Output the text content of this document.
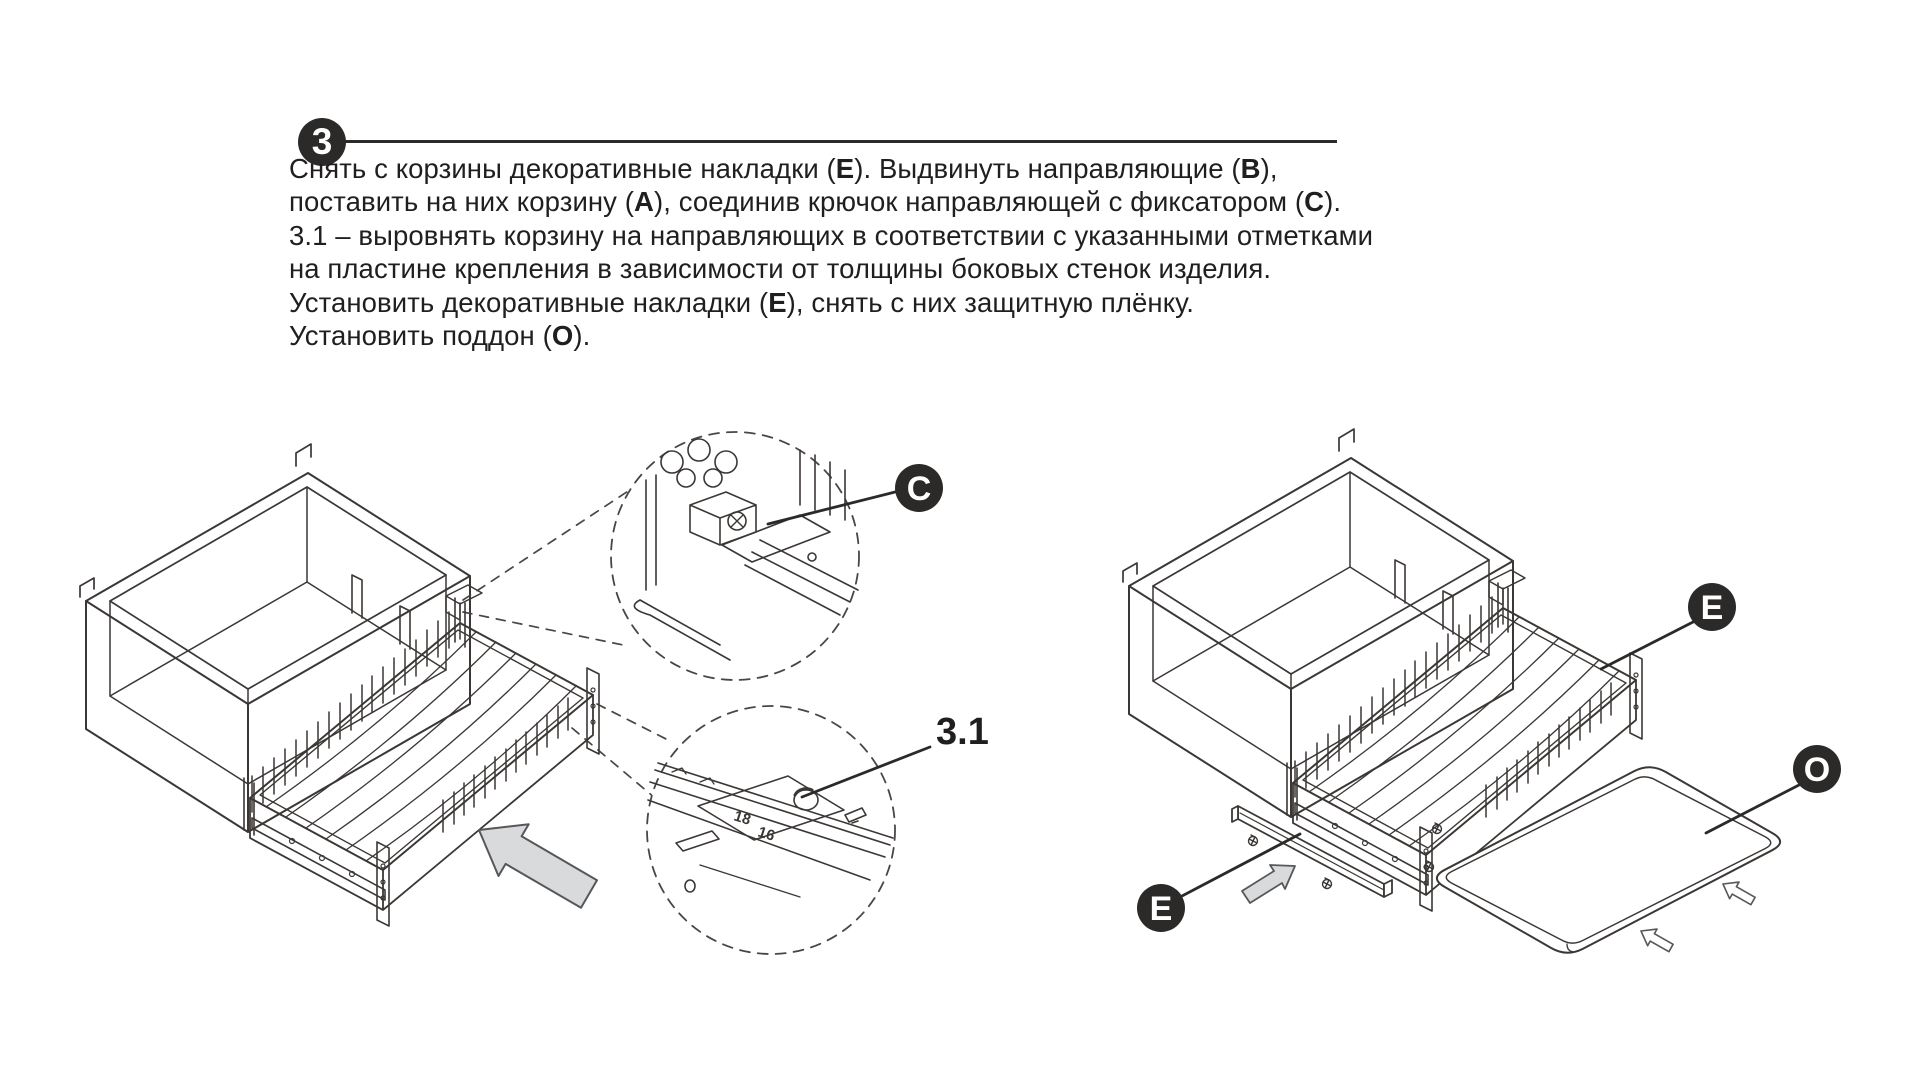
3
Снять с корзины декоративные накладки (E). Выдвинуть направляющие (B),
поставить на них корзину (A), соединив крючок направляющей с фиксатором (C).
3.1 – выровнять корзину на направляющих в соответствии с указанными отметками
на пластине крепления в зависимости от толщины боковых стенок изделия.
Установить декоративные накладки (E), снять с них защитную плёнку.
Установить поддон (O).
C
18
16
3.1
E
O
E
